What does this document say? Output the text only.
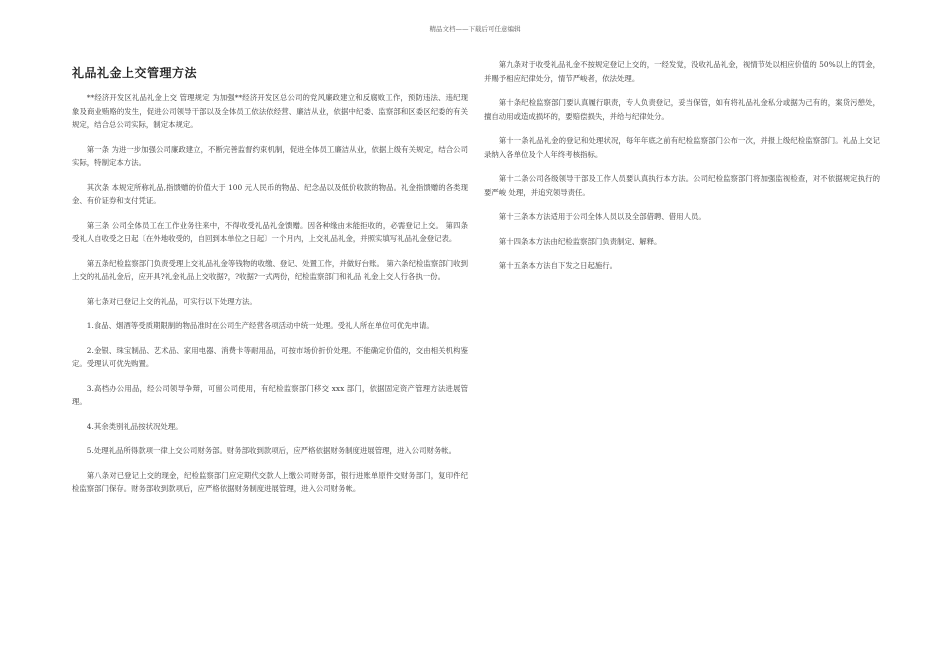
精品文档——下载后可任意编辑
礼品礼金上交管理方法

**经济开发区礼品礼金上交 管理规定 为加强**经济开发区总公司的党风廉政建立和反腐败工作，预防违法、违纪现象及商业贿赂的发生，促进公司领导干部以及全体员工依法依经营、廉洁从业，依据中纪委、监察部和区委区纪委的有关规定，结合总公司实际，制定本规定。

第一条 为进一步加强公司廉政建立，不断完善监督约束机制，促进全体员工廉洁从业，依据上级有关规定，结合公司实际，特制定本方法。

其次条 本规定所称礼品,指馈赠的价值大于 100 元人民币的物品、纪念品以及低价收款的物品。礼金指馈赠的各类现金、有价证券和支付凭证。

第三条 公司全体员工在工作业务往来中，不得收受礼品礼金馈赠。因各种缘由未能拒收的，必需登记上交。 第四条 受礼人自收受之日起〔在外地收受的，自回到本单位之日起〕一个月内，上交礼品礼金，并照实填写礼品礼金登记表。

第五条纪检监察部门负责受理上交礼品礼金等钱物的收缴、登记、处置工作，并做好台账。 第六条纪检监察部门收到上交的礼品礼金后，应开具?礼金礼品上交收据?，?收据?一式两份，纪检监察部门和礼品 礼金上交人行各执一份。

第七条对已登记上交的礼品，可实行以下处理方法。

1.食品、烟酒等受质期限制的物品准时在公司生产经营各项活动中统一处理。受礼人所在单位可优先申请。

2.金银、珠宝制品、艺术品、家用电器、消费卡等耐用品，可按市场价折价处理。不能确定价值的，交由相关机构鉴定。受理认可优先购置。

3.高档办公用品，经公司领导争辩，可留公司使用，有纪检监察部门移交 xxx 部门，依据固定资产管理方法进展管理。

4.其余类别礼品按状况处理。

5.处理礼品所得款项一律上交公司财务部。财务部收到款项后，应严格依据财务制度进展管理，进入公司财务帐。

第八条对已登记上交的现金，纪检监察部门应定期代交款人上缴公司财务部，银行进账单原件交财务部门，复印件纪检监察部门保存。财务部收到款项后，应严格依据财务制度进展管理，进入公司财务帐。

第九条对于收受礼品礼金不按规定登记上交的，一经发觉，没收礼品礼金，视情节处以相应价值的 50%以上的罚金，并赐予相应纪律处分，情节严峻者，依法处理。

第十条纪检监察部门要认真履行职责，专人负责登记，妥当保管，如有将礼品礼金私分或据为己有的，案货污憩处，擅自动用或造成损坏的，要赔偿损失，并给与纪律处分。

第十一条礼品礼金的登记和处理状况，每年年底之前有纪检监察部门公布一次，并报上级纪检监察部门。礼品上交记录纳入各单位及个人年终考核指标。

第十二条公司各级领导干部及工作人员要认真执行本方法。公司纪检监察部门将加强监视检查，对不依据规定执行的要严峻 处理，并追究领导责任。

第十三条本方法适用于公司全体人员以及全部借聘、借用人员。

第十四条本方法由纪检监察部门负责制定、解释。

第十五条本方法自下发之日起施行。
